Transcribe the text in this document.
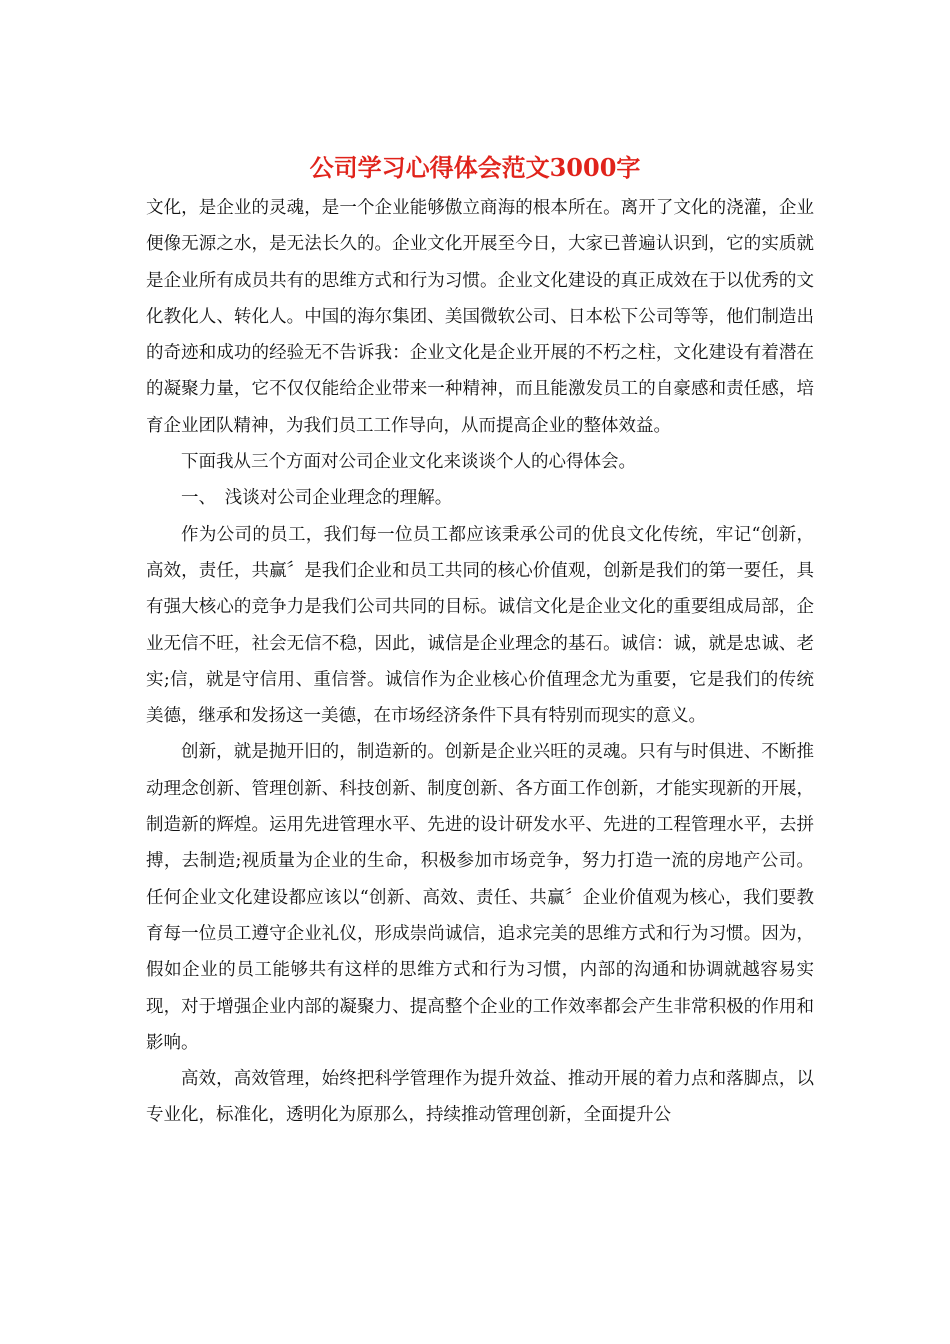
公司学习心得体会范文3000字

文化，是企业的灵魂，是一个企业能够傲立商海的根本所在。离开了文化的浇灌，企业便像无源之水，是无法长久的。企业文化开展至今日，大家已普遍认识到，它的实质就是企业所有成员共有的思维方式和行为习惯。企业文化建设的真正成效在于以优秀的文化教化人、转化人。中国的海尔集团、美国微软公司、日本松下公司等等，他们制造出的奇迹和成功的经验无不告诉我：企业文化是企业开展的不朽之柱，文化建设有着潜在的凝聚力量，它不仅仅能给企业带来一种精神，而且能激发员工的自豪感和责任感，培育企业团队精神，为我们员工工作导向，从而提高企业的整体效益。

下面我从三个方面对公司企业文化来谈谈个人的心得体会。

一、　浅谈对公司企业理念的理解。

作为公司的员工，我们每一位员工都应该秉承公司的优良文化传统，牢记“创新，高效，责任，共赢〞是我们企业和员工共同的核心价值观，创新是我们的第一要任，具有强大核心的竞争力是我们公司共同的目标。诚信文化是企业文化的重要组成局部，企业无信不旺，社会无信不稳，因此，诚信是企业理念的基石。诚信：诚，就是忠诚、老实;信，就是守信用、重信誉。诚信作为企业核心价值理念尤为重要，它是我们的传统美德，继承和发扬这一美德，在市场经济条件下具有特别而现实的意义。

创新，就是抛开旧的，制造新的。创新是企业兴旺的灵魂。只有与时俱进、不断推动理念创新、管理创新、科技创新、制度创新、各方面工作创新，才能实现新的开展，制造新的辉煌。运用先进管理水平、先进的设计研发水平、先进的工程管理水平，去拼搏，去制造;视质量为企业的生命，积极参加市场竞争，努力打造一流的房地产公司。任何企业文化建设都应该以“创新、高效、责任、共赢〞企业价值观为核心，我们要教育每一位员工遵守企业礼仪，形成崇尚诚信，追求完美的思维方式和行为习惯。因为，假如企业的员工能够共有这样的思维方式和行为习惯，内部的沟通和协调就越容易实现，对于增强企业内部的凝聚力、提高整个企业的工作效率都会产生非常积极的作用和影响。

高效，高效管理，始终把科学管理作为提升效益、推动开展的着力点和落脚点，以专业化，标准化，透明化为原那么，持续推动管理创新，全面提升公
